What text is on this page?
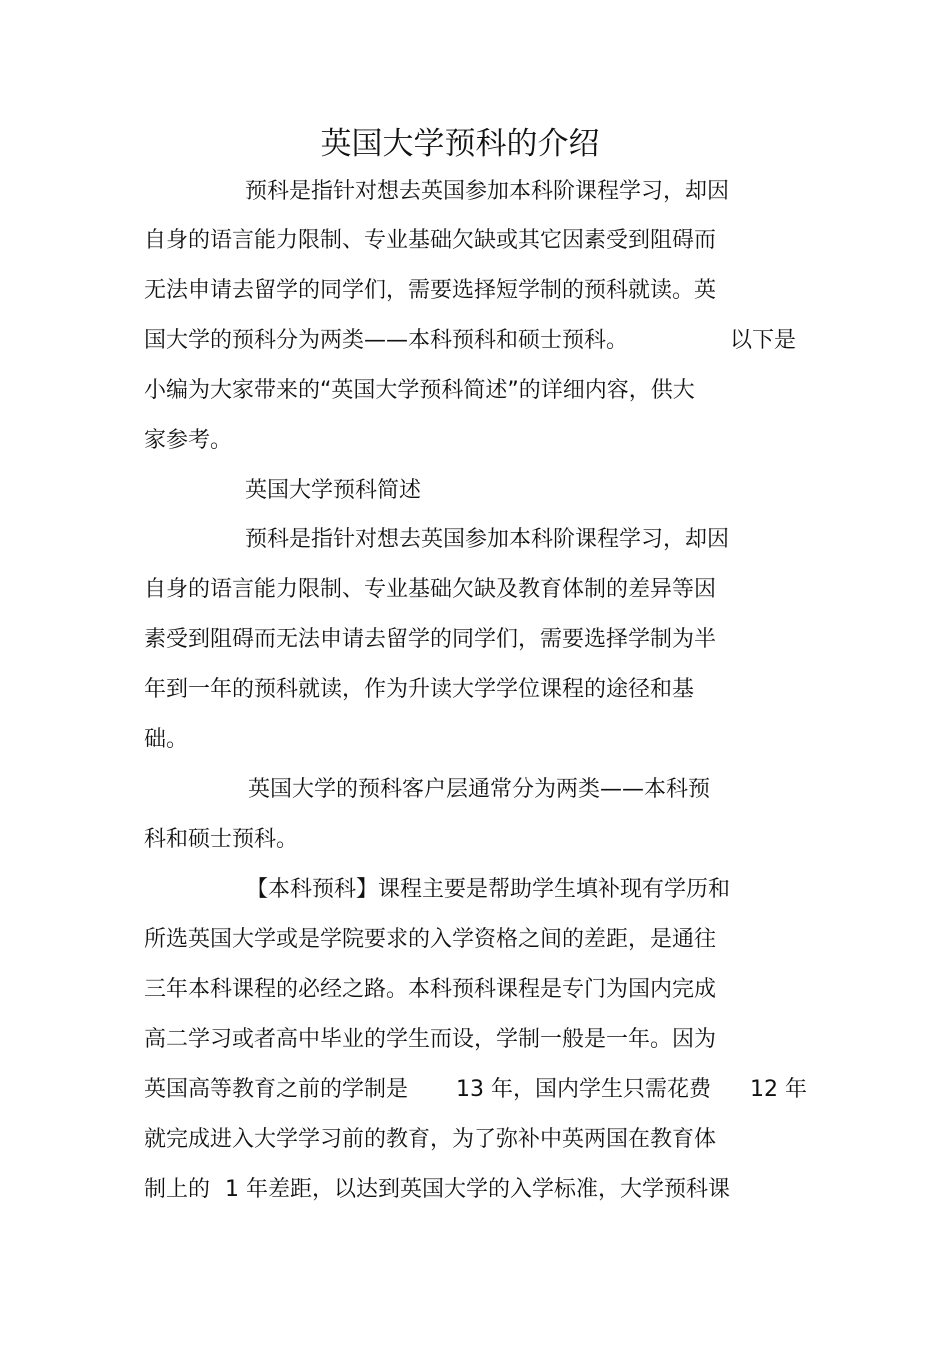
英国大学预科的介绍
预科是指针对想去英国参加本科阶课程学习，却因
自身的语言能力限制、专业基础欠缺或其它因素受到阻碍而
无法申请去留学的同学们，需要选择短学制的预科就读。英
国大学的预科分为两类——本科预科和硕士预科。	以下是
小编为大家带来的“英国大学预科简述”的详细内容，供大
家参考。
英国大学预科简述
预科是指针对想去英国参加本科阶课程学习，却因
自身的语言能力限制、专业基础欠缺及教育体制的差异等因
素受到阻碍而无法申请去留学的同学们，需要选择学制为半
年到一年的预科就读，作为升读大学学位课程的途径和基
础。
英国大学的预科客户层通常分为两类——本科预
科和硕士预科。
【本科预科】课程主要是帮助学生填补现有学历和
所选英国大学或是学院要求的入学资格之间的差距，是通往
三年本科课程的必经之路。本科预科课程是专门为国内完成
高二学习或者高中毕业的学生而设，学制一般是一年。因为
英国高等教育之前的学制是 13 年，国内学生只需花费 12 年
就完成进入大学学习前的教育，为了弥补中英两国在教育体
制上的 1 年差距，以达到英国大学的入学标准，大学预科课
